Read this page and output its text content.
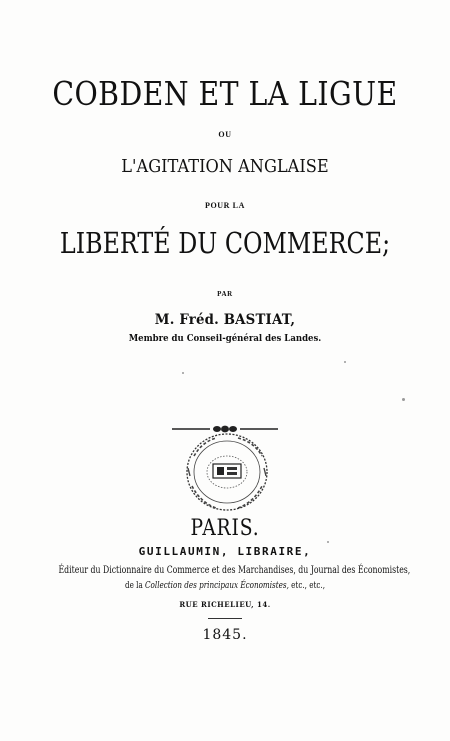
COBDEN ET LA LIGUE
OU
L'AGITATION ANGLAISE
POUR LA
LIBERTÉ DU COMMERCE;
PAR
M. Fréd. BASTIAT,
Membre du Conseil-général des Landes.
PARIS.
GUILLAUMIN, LIBRAIRE,
Éditeur du Dictionnaire du Commerce et des Marchandises, du Journal des Économistes,
de la Collection des principaux Économistes, etc., etc.,
RUE RICHELIEU, 14.
1845.
